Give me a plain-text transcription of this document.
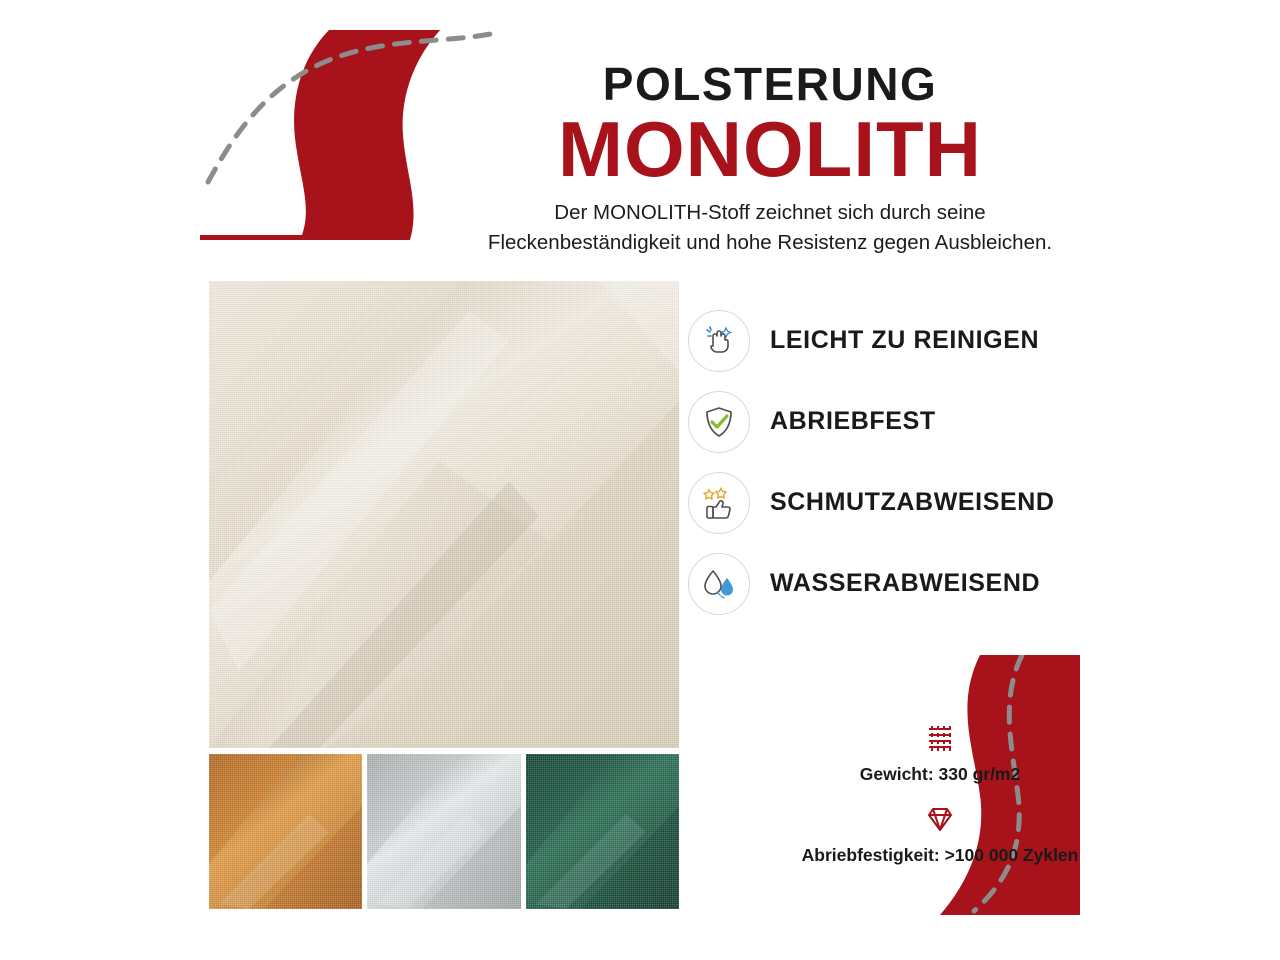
POLSTERUNG
MONOLITH
Der MONOLITH-Stoff zeichnet sich durch seine Fleckenbeständigkeit und hohe Resistenz gegen Ausbleichen.
LEICHT ZU REINIGEN
ABRIEBFEST
SCHMUTZABWEISEND
WASSERABWEISEND
Gewicht: 330 gr/m2
Abriebfestigkeit: >100 000 Zyklen
